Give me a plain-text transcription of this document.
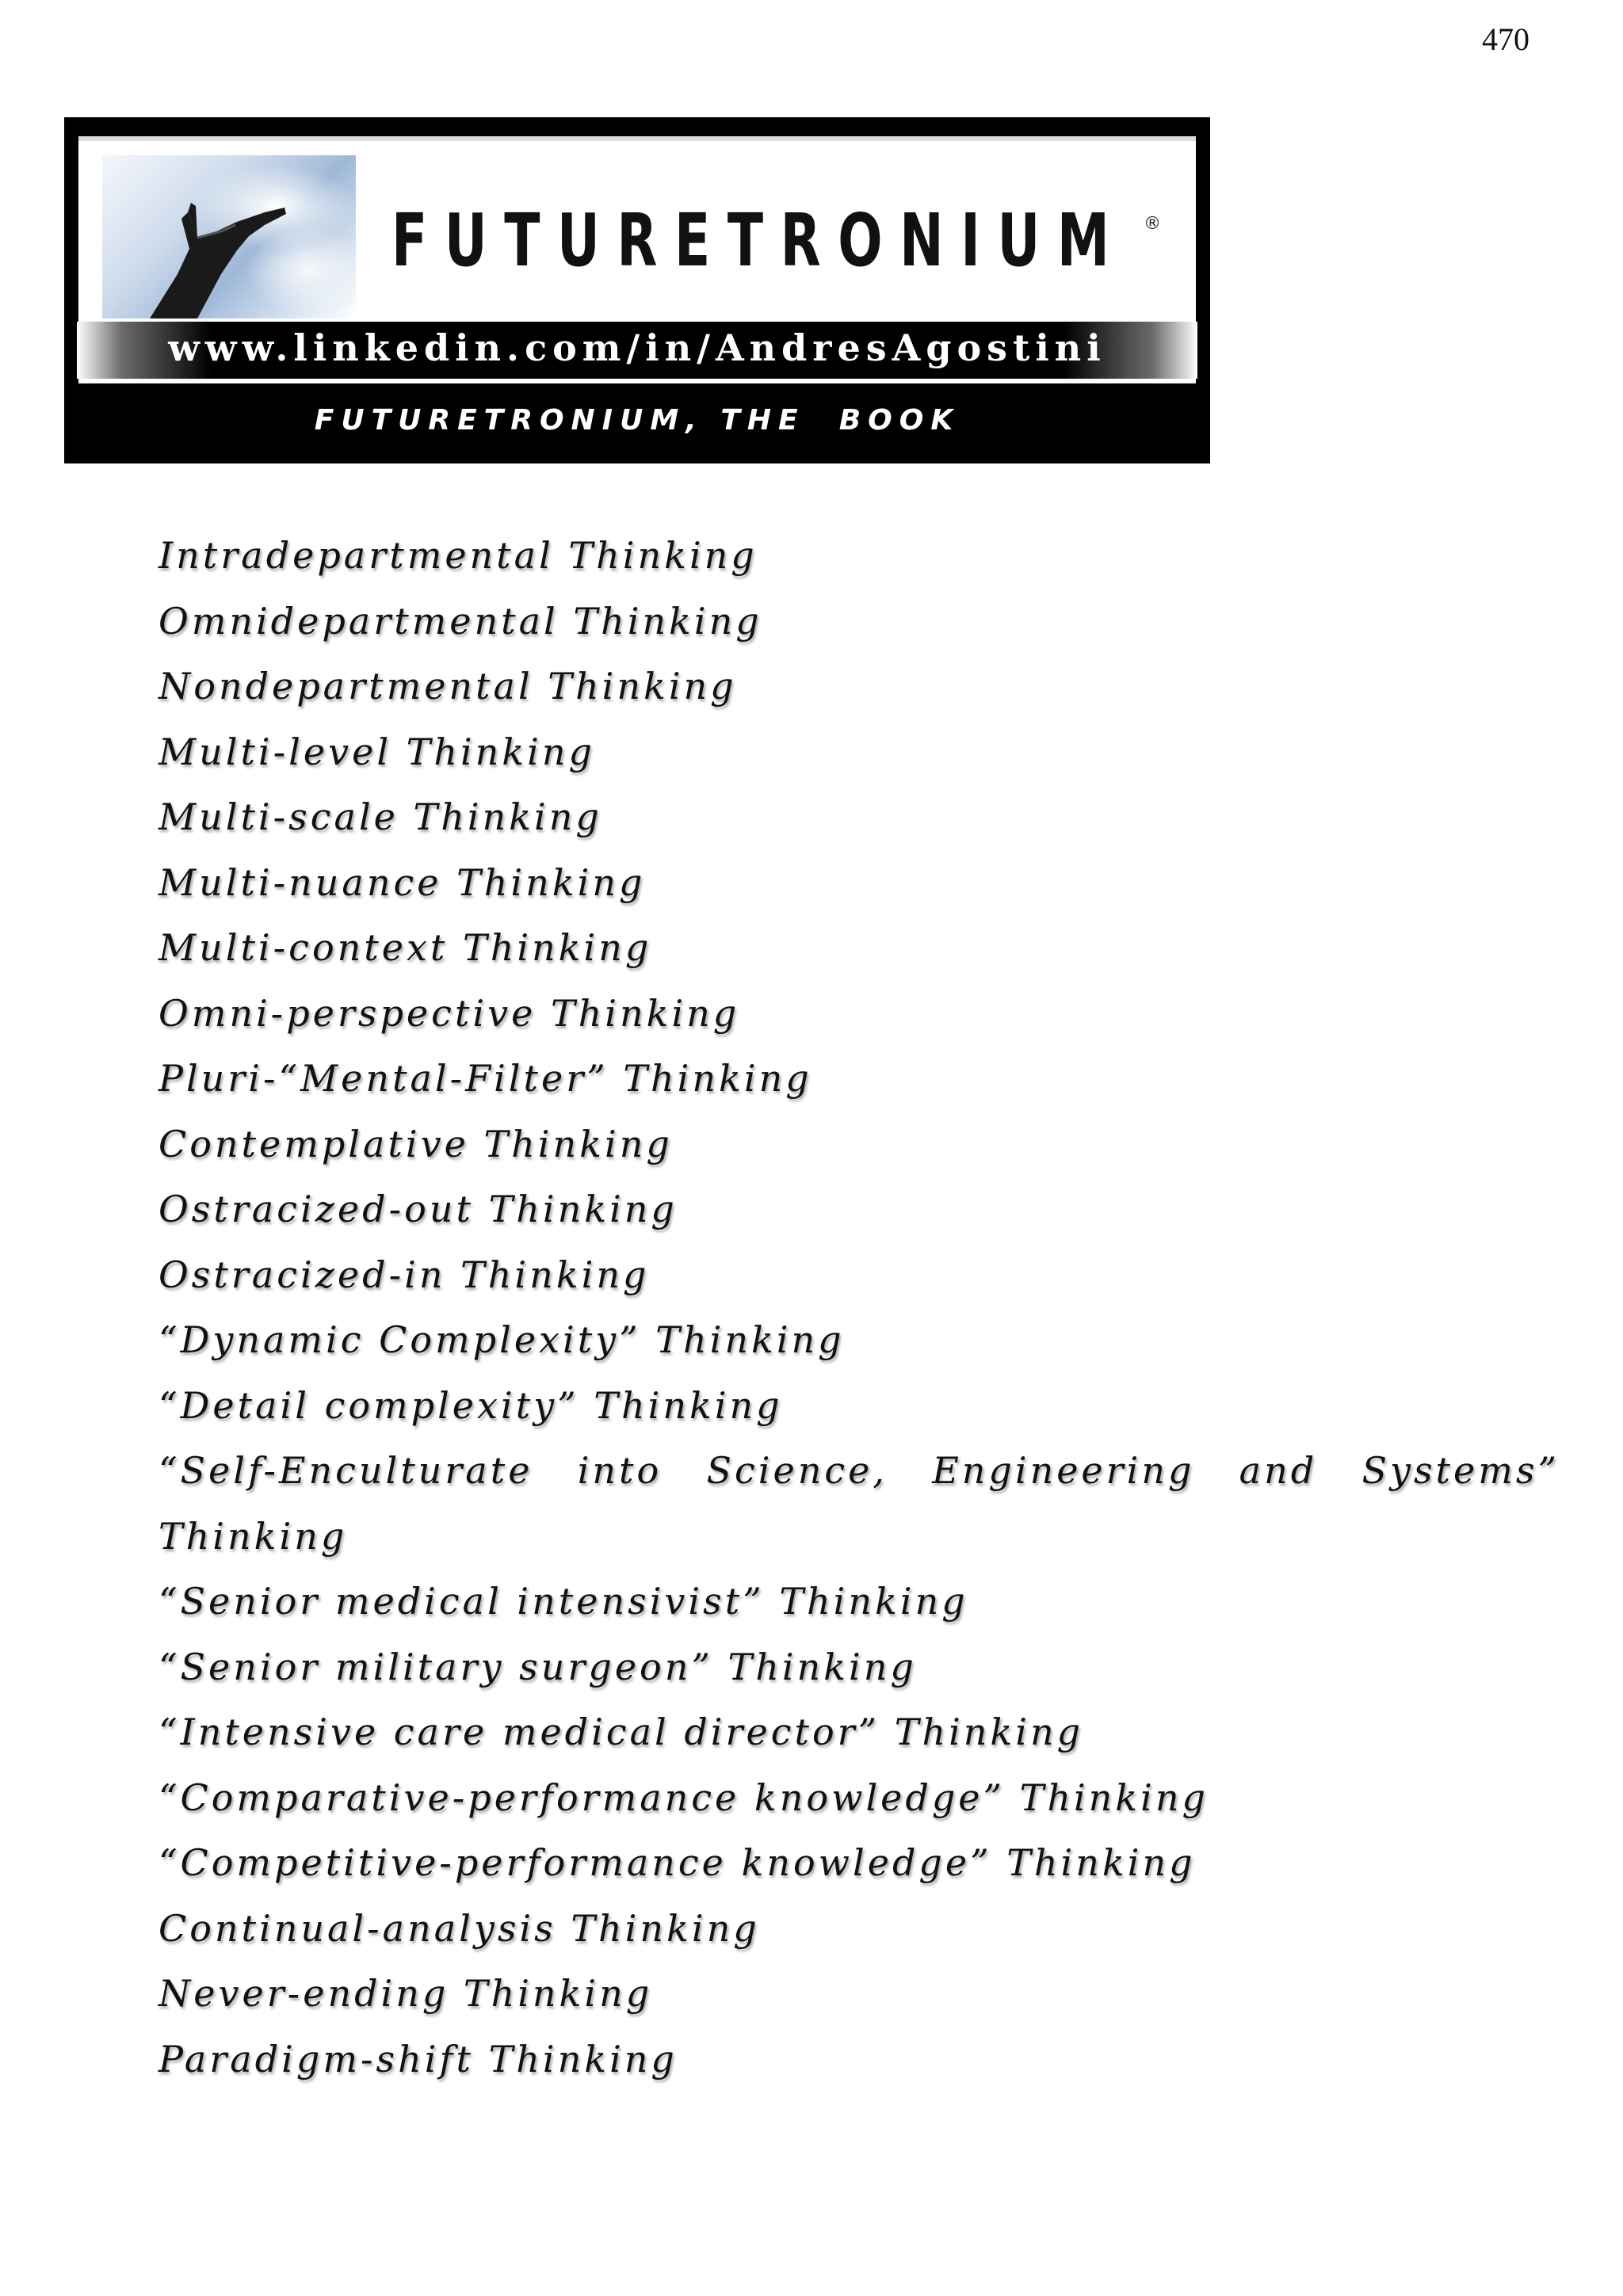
470
FUTURETRONIUM ®
www.linkedin.com/in/AndresAgostini
FUTURETRONIUM, THE  BOOK
Intradepartmental Thinking
Omnidepartmental Thinking
Nondepartmental Thinking
Multi-level Thinking
Multi-scale Thinking
Multi-nuance Thinking
Multi-context Thinking
Omni-perspective Thinking
Pluri-“Mental-Filter” Thinking
Contemplative Thinking
Ostracized-out Thinking
Ostracized-in Thinking
“Dynamic Complexity” Thinking
“Detail complexity” Thinking
“Self-Enculturate into Science, Engineering and Systems” Thinking
“Senior medical intensivist” Thinking
“Senior military surgeon” Thinking
“Intensive care medical director” Thinking
“Comparative-performance knowledge” Thinking
“Competitive-performance knowledge” Thinking
Continual-analysis Thinking
Never-ending Thinking
Paradigm-shift Thinking
